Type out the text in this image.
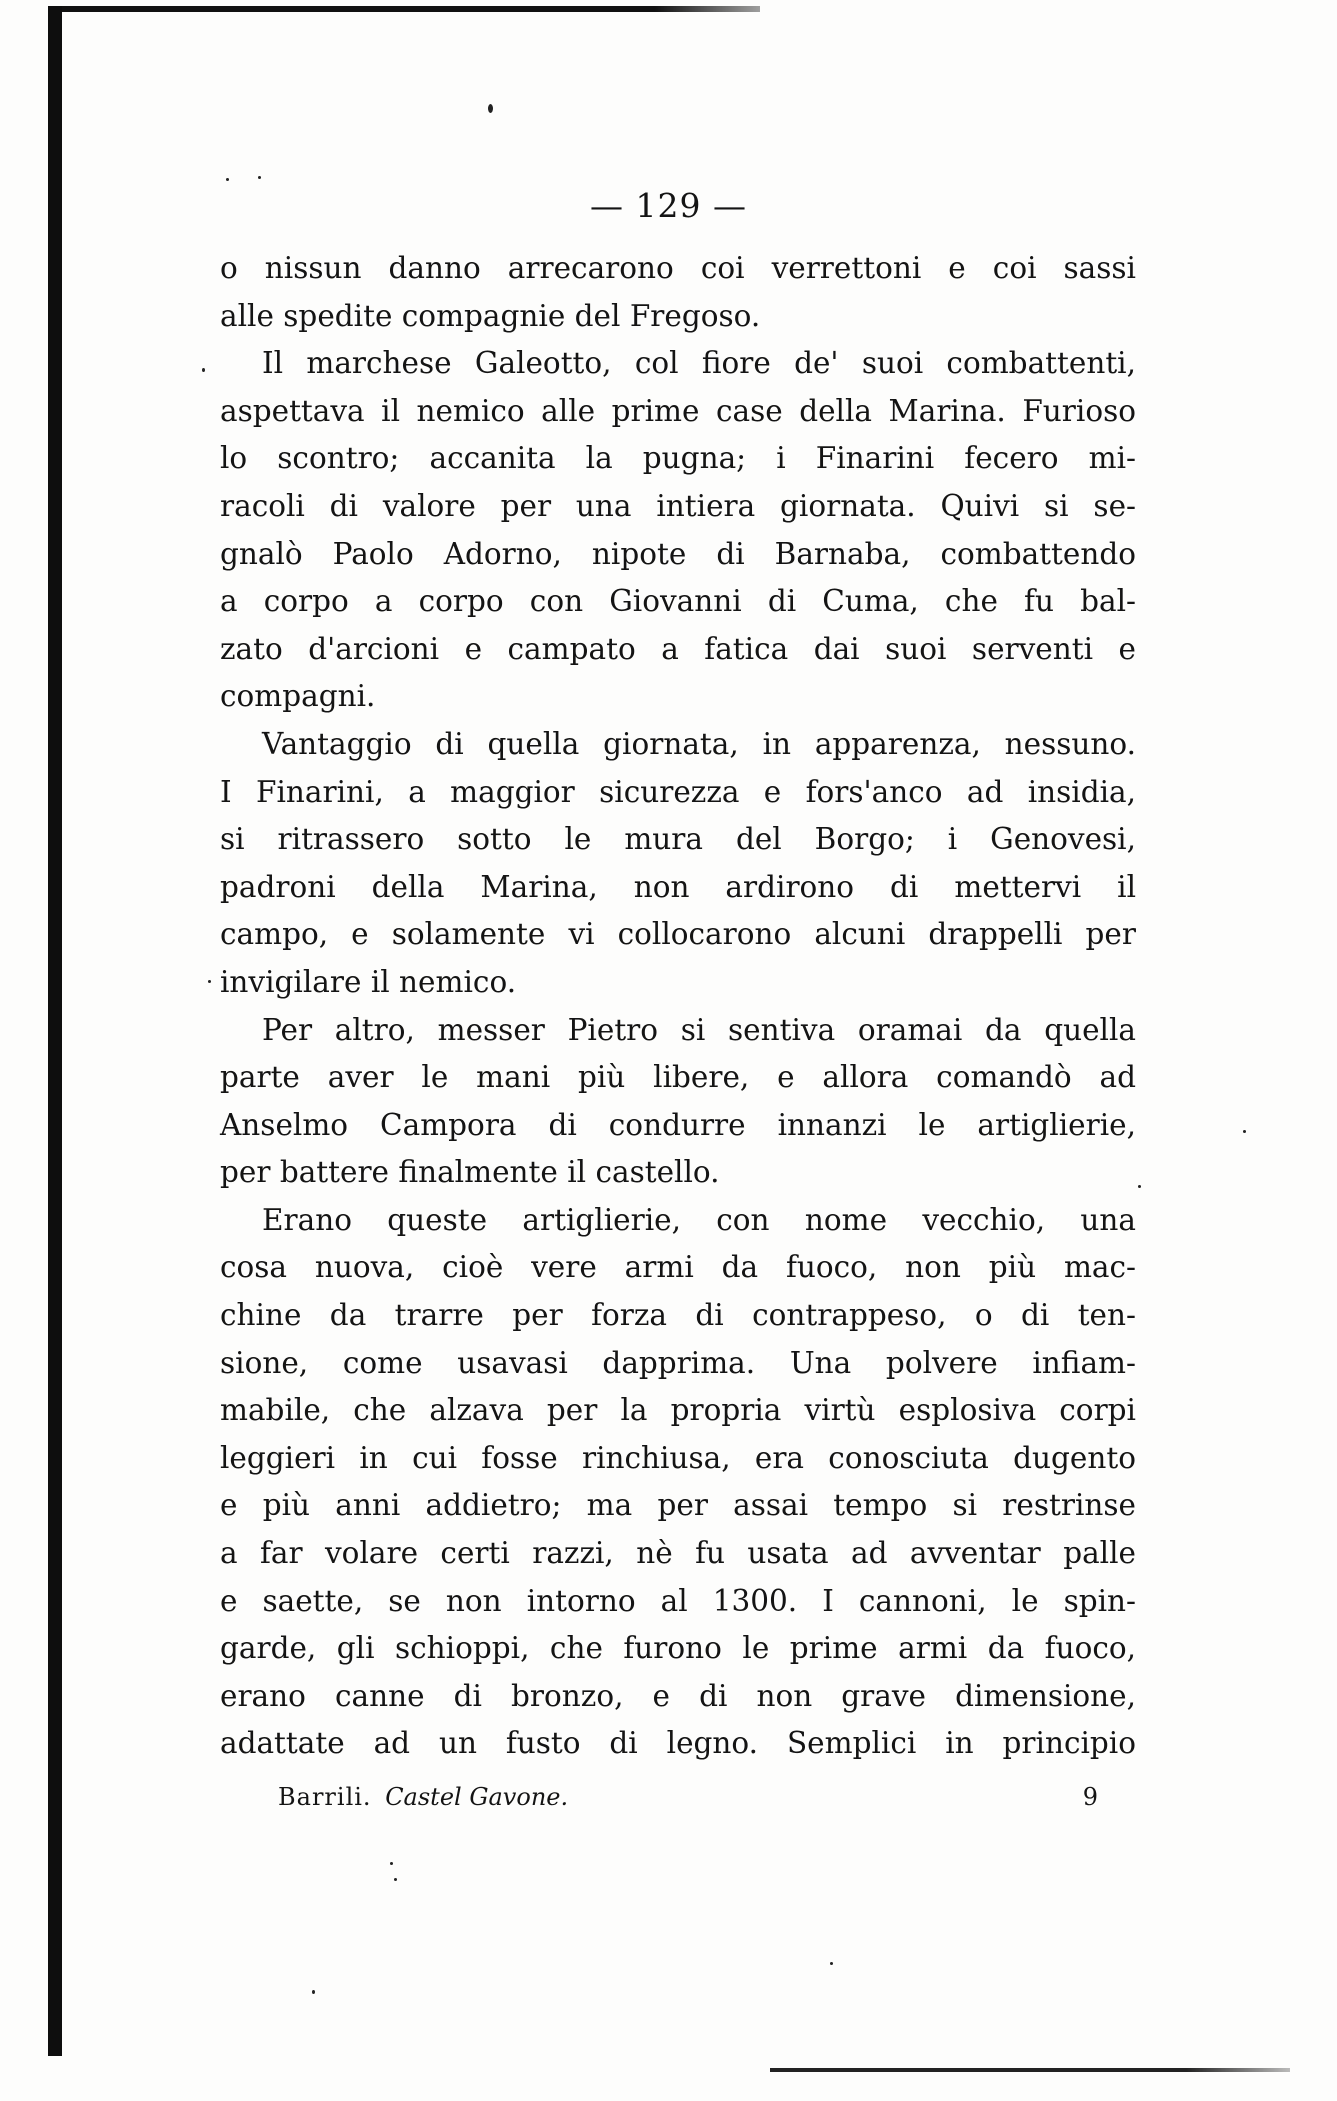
— 129 —
o nissun danno arrecarono coi verrettoni e coi sassi
alle spedite compagnie del Fregoso.
Il marchese Galeotto, col fiore de' suoi combattenti,
aspettava il nemico alle prime case della Marina. Furioso
lo scontro; accanita la pugna; i Finarini fecero mi-
racoli di valore per una intiera giornata. Quivi si se-
gnalò Paolo Adorno, nipote di Barnaba, combattendo
a corpo a corpo con Giovanni di Cuma, che fu bal-
zato d'arcioni e campato a fatica dai suoi serventi e
compagni.
Vantaggio di quella giornata, in apparenza, nessuno.
I Finarini, a maggior sicurezza e fors'anco ad insidia,
si ritrassero sotto le mura del Borgo; i Genovesi,
padroni della Marina, non ardirono di mettervi il
campo, e solamente vi collocarono alcuni drappelli per
invigilare il nemico.
Per altro, messer Pietro si sentiva oramai da quella
parte aver le mani più libere, e allora comandò ad
Anselmo Campora di condurre innanzi le artiglierie,
per battere finalmente il castello.
Erano queste artiglierie, con nome vecchio, una
cosa nuova, cioè vere armi da fuoco, non più mac-
chine da trarre per forza di contrappeso, o di ten-
sione, come usavasi dapprima. Una polvere infiam-
mabile, che alzava per la propria virtù esplosiva corpi
leggieri in cui fosse rinchiusa, era conosciuta dugento
e più anni addietro; ma per assai tempo si restrinse
a far volare certi razzi, nè fu usata ad avventar palle
e saette, se non intorno al 1300. I cannoni, le spin-
garde, gli schioppi, che furono le prime armi da fuoco,
erano canne di bronzo, e di non grave dimensione,
adattate ad un fusto di legno. Semplici in principio
Barrili. Castel Gavone.	9
